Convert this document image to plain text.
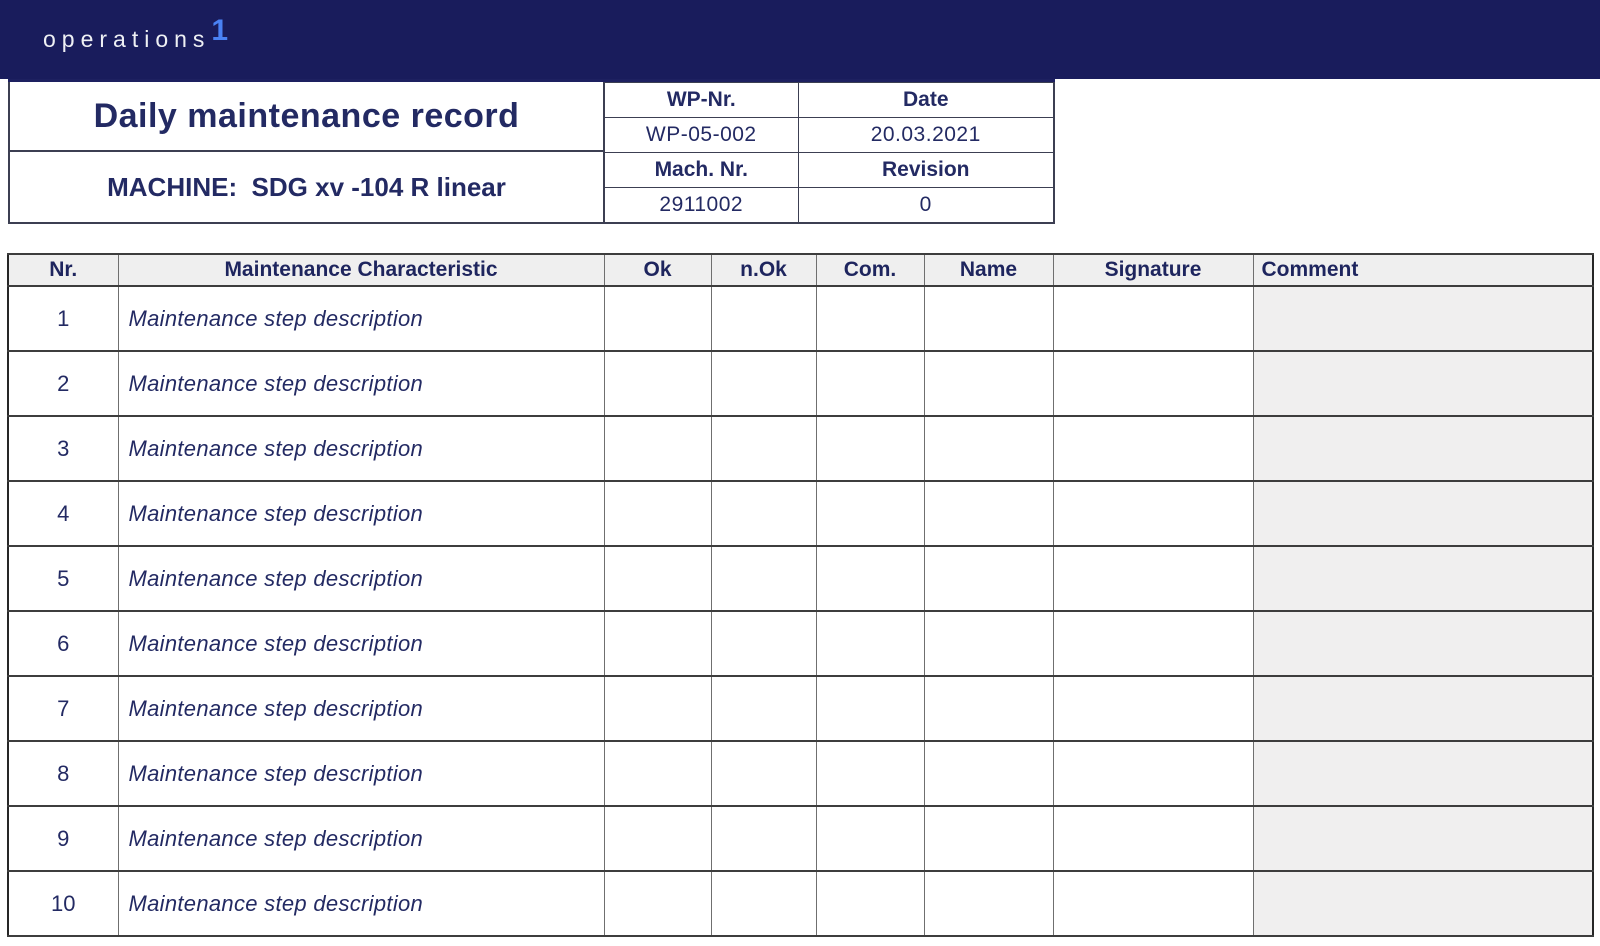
operations 1
Daily maintenance record
MACHINE:  SDG xv -104 R linear
WP-Nr.	Date
WP-05-002	20.03.2021
Mach. Nr.	Revision
2911002	0
Nr.	Maintenance Characteristic	Ok	n.Ok	Com.	Name	Signature	Comment
1	Maintenance step description						
2	Maintenance step description						
3	Maintenance step description						
4	Maintenance step description						
5	Maintenance step description						
6	Maintenance step description						
7	Maintenance step description						
8	Maintenance step description						
9	Maintenance step description						
10	Maintenance step description						
